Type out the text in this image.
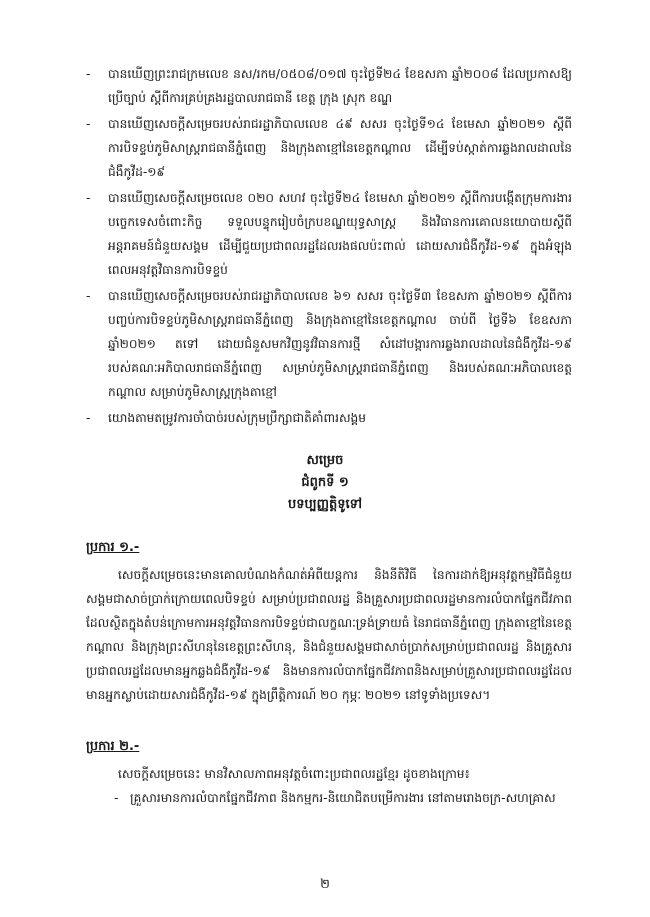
-	បានឃើញព្រះរាជក្រមលេខ នស/រកម/០៥០៨/០១៧ ចុះថ្ងៃទី២៤ ខែឧសភា ឆ្នាំ២០០៨ ដែលប្រកាសឱ្យប្រើច្បាប់ ស្តីពីការគ្រប់គ្រងរដ្ឋបាលរាជធានី ខេត្ត ក្រុង ស្រុក ខណ្ឌ
-	បានឃើញសេចក្តីសម្រេចរបស់រាជរដ្ឋាភិបាលលេខ ៤៩ សសរ ចុះថ្ងៃទី១៤ ខែមេសា ឆ្នាំ២០២១ ស្តីពីការបិទខ្ទប់ភូមិសាស្ត្ររាជធានីភ្នំពេញ និងក្រុងតាខ្មៅនៃខេត្តកណ្តាល ដើម្បីទប់ស្កាត់ការឆ្លងរាលដាលនៃជំងឺកូវីដ-១៩
-	បានឃើញសេចក្តីសម្រេចលេខ ០២០ សហវ ចុះថ្ងៃទី២៤ ខែមេសា ឆ្នាំ២០២១ ស្តីពីការបង្កើតក្រុមការងារបច្ចេកទេសចំពោះកិច្ច ទទួលបន្ទុករៀបចំក្របខណ្ឌយុទ្ធសាស្ត្រ និងវិធានការគោលនយោបាយស្តីពីអន្តរាគមន៍ជំនួយសង្គម ដើម្បីជួយប្រជាពលរដ្ឋដែលរងផលប៉ះពាល់ ដោយសារជំងឺកូវីដ-១៩ ក្នុងអំឡុងពេលអនុវត្តវិធានការបិទខ្ទប់
-	បានឃើញសេចក្តីសម្រេចរបស់រាជរដ្ឋាភិបាលលេខ ៦១ សសរ ចុះថ្ងៃទី៣ ខែឧសភា ឆ្នាំ២០២១ ស្តីពីការបញ្ចប់ការបិទខ្ទប់ភូមិសាស្ត្ររាជធានីភ្នំពេញ និងក្រុងតាខ្មៅនៃខេត្តកណ្តាល ចាប់ពី ថ្ងៃទី៦ ខែឧសភា ឆ្នាំ២០២១ តទៅ ដោយជំនួសមកវិញនូវវិធានការថ្មី សំដៅបង្ការការឆ្លងរាលដាលនៃជំងឺកូវីដ-១៩ របស់គណៈអភិបាលរាជធានីភ្នំពេញ សម្រាប់ភូមិសាស្ត្ររាជធានីភ្នំពេញ និងរបស់គណៈអភិបាលខេត្តកណ្តាល សម្រាប់ភូមិសាស្ត្រក្រុងតាខ្មៅ
-	យោងតាមតម្រូវការចាំបាច់របស់ក្រុមប្រឹក្សាជាតិគាំពារសង្គម
សម្រេច
ជំពូកទី ១
បទប្បញ្ញត្តិទូទៅ
ប្រការ ១.-
សេចក្តីសម្រេចនេះមានគោលបំណងកំណត់អំពីយន្តការ និងនីតិវិធី នៃការដាក់ឱ្យអនុវត្តកម្មវិធីជំនួយសង្គមជាសាច់ប្រាក់ក្រោយពេលបិទខ្ទប់ សម្រាប់ប្រជាពលរដ្ឋ និងគ្រួសារប្រជាពលរដ្ឋមានការលំបាកផ្នែកជីវភាព ដែលស្ថិតក្នុងតំបន់ក្រោមការអនុវត្តវិធានការបិទខ្ទប់ជាលក្ខណៈទ្រង់ទ្រាយធំ នៃរាជធានីភ្នំពេញ ក្រុងតាខ្មៅនៃខេត្តកណ្តាល និងក្រុងព្រះសីហនុនៃខេត្តព្រះសីហនុ, និងជំនួយសង្គមជាសាច់ប្រាក់សម្រាប់ប្រជាពលរដ្ឋ និងគ្រួសារប្រជាពលរដ្ឋដែលមានអ្នកឆ្លងជំងឺកូវីដ-១៩ និងមានការលំបាកផ្នែកជីវភាពនិងសម្រាប់គ្រួសារប្រជាពលរដ្ឋដែលមានអ្នកស្លាប់ដោយសារជំងឺកូវីដ-១៩ ក្នុងព្រឹត្តិការណ៍ ២០ កុម្ភៈ ២០២១ នៅទូទាំងប្រទេស។
ប្រការ ២.-
សេចក្តីសម្រេចនេះ មានវិសាលភាពអនុវត្តចំពោះប្រជាពលរដ្ឋខ្មែរ ដូចខាងក្រោម៖
- គ្រួសារមានការលំបាកផ្នែកជីវភាព និងកម្មករ-និយោជិតបម្រើការងារ នៅតាមរោងចក្រ-សហគ្រាស
២
